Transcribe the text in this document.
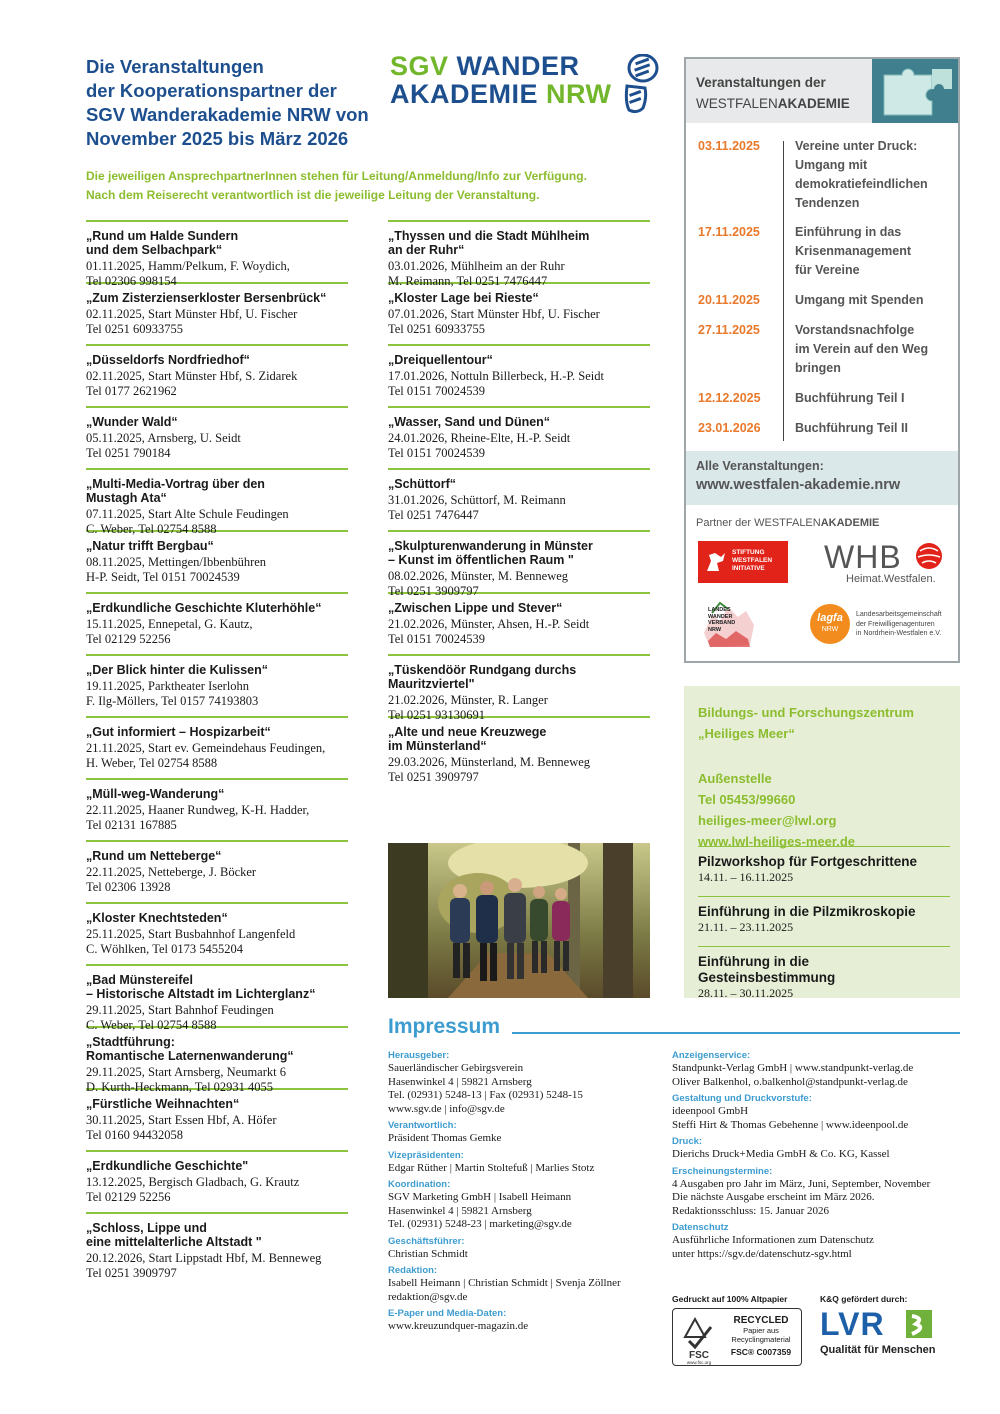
Die Veranstaltungen
der Kooperationspartner der
SGV Wanderakademie NRW von
November 2025 bis März 2026
SGV WANDER
AKADEMIE NRW
Die jeweiligen AnsprechpartnerInnen stehen für Leitung/Anmeldung/Info zur Verfügung.
Nach dem Reiserecht verantwortlich ist die jeweilige Leitung der Veranstaltung.
„Rund um Halde Sundern
und dem Selbachpark“
01.11.2025, Hamm/Pelkum, F. Woydich,
Tel 02306 998154
„Zum Zisterzienserkloster Bersenbrück“
02.11.2025, Start Münster Hbf, U. Fischer
Tel 0251 60933755
„Düsseldorfs Nordfriedhof“
02.11.2025, Start Münster Hbf, S. Zidarek
Tel 0177 2621962
„Wunder Wald“
05.11.2025, Arnsberg, U. Seidt
Tel 0251 790184
„Multi-Media-Vortrag über den
Mustagh Ata“
07.11.2025, Start Alte Schule Feudingen
C. Weber, Tel 02754 8588
„Natur trifft Bergbau“
08.11.2025, Mettingen/Ibbenbühren
H-P. Seidt, Tel 0151 70024539
„Erdkundliche Geschichte Kluterhöhle“
15.11.2025, Ennepetal, G. Kautz,
Tel 02129 52256
„Der Blick hinter die Kulissen“
19.11.2025, Parktheater Iserlohn
F. Ilg-Möllers, Tel 0157 74193803
„Gut informiert – Hospizarbeit“
21.11.2025, Start ev. Gemeindehaus Feudingen,
H. Weber, Tel 02754 8588
„Müll-weg-Wanderung“
22.11.2025, Haaner Rundweg, K-H. Hadder,
Tel 02131 167885
„Rund um Netteberge“
22.11.2025, Netteberge, J. Böcker
Tel 02306 13928
„Kloster Knechtsteden“
25.11.2025, Start Busbahnhof Langenfeld
C. Wöhlken, Tel 0173 5455204
„Bad Münstereifel
– Historische Altstadt im Lichterglanz“
29.11.2025, Start Bahnhof Feudingen
C. Weber, Tel 02754 8588
„Stadtführung:
Romantische Laternenwanderung“
29.11.2025, Start Arnsberg, Neumarkt 6
D. Kurth-Heckmann, Tel 02931 4055
„Fürstliche Weihnachten“
30.11.2025, Start Essen Hbf, A. Höfer
Tel 0160 94432058
„Erdkundliche Geschichte"
13.12.2025, Bergisch Gladbach, G. Krautz
Tel 02129 52256
„Schloss, Lippe und
eine mittelalterliche Altstadt "
20.12.2026, Start Lippstadt Hbf, M. Benneweg
Tel 0251 3909797
„Thyssen und die Stadt Mühlheim
an der Ruhr“
03.01.2026, Mühlheim an der Ruhr
M. Reimann, Tel 0251 7476447
„Kloster Lage bei Rieste“
07.01.2026, Start Münster Hbf, U. Fischer
Tel 0251 60933755
„Dreiquellentour“
17.01.2026, Nottuln Billerbeck, H.-P. Seidt
Tel 0151 70024539
„Wasser, Sand und Dünen“
24.01.2026, Rheine-Elte, H.-P. Seidt
Tel 0151 70024539
„Schüttorf“
31.01.2026, Schüttorf, M. Reimann
Tel 0251 7476447
„Skulpturenwanderung in Münster
– Kunst im öffentlichen Raum "
08.02.2026, Münster, M. Benneweg
Tel 0251 3909797
„Zwischen Lippe und Stever“
21.02.2026, Münster, Ahsen, H.-P. Seidt
Tel 0151 70024539
„Tüskendöör Rundgang durchs
Mauritzviertel"
21.02.2026, Münster, R. Langer
Tel 0251 93130691
„Alte und neue Kreuzwege
im Münsterland“
29.03.2026, Münsterland, M. Benneweg
Tel 0251 3909797
Veranstaltungen der
WESTFALENAKADEMIE
03.11.2025	Vereine unter Druck:
Umgang mit
demokratiefeindlichen
Tendenzen
17.11.2025	Einführung in das
Krisenmanagement
für Vereine
20.11.2025	Umgang mit Spenden
27.11.2025	Vorstandsnachfolge
im Verein auf den Weg
bringen
12.12.2025	Buchführung Teil I
23.01.2026	Buchführung Teil II
Alle Veranstaltungen:
www.westfalen-akademie.nrw
Partner der WESTFALENAKADEMIE
STIFTUNG
WESTFALEN
INITIATIVE WHB
Heimat.Westfalen.
LANDES
WANDER
VERBAND
NRW
lagfa
NRW
Landesarbeitsgemeinschaft
der Freiwilligenagenturen
in Nordrhein-Westfalen e.V.
Bildungs- und Forschungszentrum
„Heiliges Meer“
Außenstelle
Tel 05453/99660
heiliges-meer@lwl.org
www.lwl-heiliges-meer.de
Pilzworkshop für Fortgeschrittene
14.11. – 16.11.2025
Einführung in die Pilzmikroskopie
21.11. – 23.11.2025
Einführung in die Gesteinsbestimmung
28.11. – 30.11.2025
Impressum
Herausgeber:
Sauerländischer Gebirgsverein
Hasenwinkel 4 | 59821 Arnsberg
Tel. (02931) 5248-13 | Fax (02931) 5248-15
www.sgv.de | info@sgv.de
Verantwortlich:
Präsident Thomas Gemke
Vizepräsidenten:
Edgar Rüther | Martin Stoltefuß | Marlies Stotz
Koordination:
SGV Marketing GmbH | Isabell Heimann
Hasenwinkel 4 | 59821 Arnsberg
Tel. (02931) 5248-23 | marketing@sgv.de
Geschäftsführer:
Christian Schmidt
Redaktion:
Isabell Heimann | Christian Schmidt | Svenja Zöllner
redaktion@sgv.de
E-Paper und Media-Daten:
www.kreuzundquer-magazin.de
Anzeigenservice:
Standpunkt-Verlag GmbH | www.standpunkt-verlag.de
Oliver Balkenhol, o.balkenhol@standpunkt-verlag.de
Gestaltung und Druckvorstufe:
ideenpool GmbH
Steffi Hirt & Thomas Gebehenne | www.ideenpool.de
Druck:
Dierichs Druck+Media GmbH & Co. KG, Kassel
Erscheinungstermine:
4 Ausgaben pro Jahr im März, Juni, September, November
Die nächste Ausgabe erscheint im März 2026.
Redaktionsschluss: 15. Januar 2026
Datenschutz
Ausführliche Informationen zum Datenschutz
unter https://sgv.de/datenschutz-sgv.html
Gedruckt auf 100% Altpapier	K&Q gefördert durch:
FSC
www.fsc.org
RECYCLED
Papier aus
Recyclingmaterial
FSC® C007359
LVR
Qualität für Menschen
